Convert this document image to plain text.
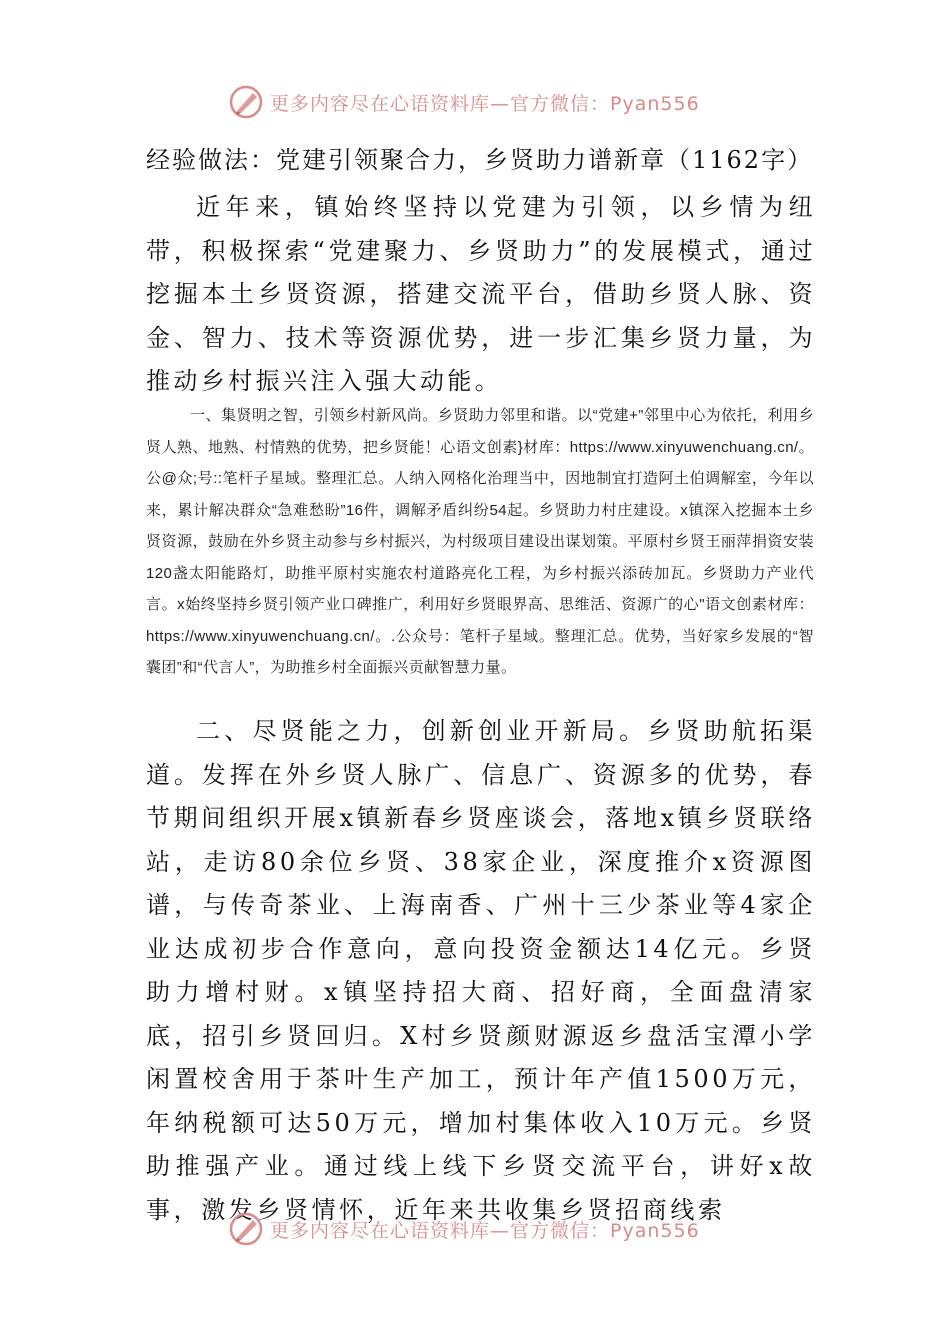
更多内容尽在心语资料库—官方微信：Pyan556
经验做法：党建引领聚合力，乡贤助力谱新章（1162字）

近年来，镇始终坚持以党建为引领，以乡情为纽带，积极探索“党建聚力、乡贤助力”的发展模式，通过挖掘本土乡贤资源，搭建交流平台，借助乡贤人脉、资金、智力、技术等资源优势，进一步汇集乡贤力量，为推动乡村振兴注入强大动能。

一、集贤明之智，引领乡村新风尚。乡贤助力邻里和谐。以“党建+”邻里中心为依托，利用乡贤人熟、地熟、村情熟的优势，把乡贤能！心语文创素}材库：https://www.xinyuwenchuang.cn/。公@众;号::笔杆子星域。整理汇总。人纳入网格化治理当中，因地制宜打造阿土伯调解室，今年以来，累计解决群众“急难愁盼”16件，调解矛盾纠纷54起。乡贤助力村庄建设。x镇深入挖掘本土乡贤资源，鼓励在外乡贤主动参与乡村振兴，为村级项目建设出谋划策。平原村乡贤王丽萍捐资安装120盏太阳能路灯，助推平原村实施农村道路亮化工程，为乡村振兴添砖加瓦。乡贤助力产业代言。x始终坚持乡贤引领产业口碑推广，利用好乡贤眼界高、思维活、资源广的心"语文创素材库：https://www.xinyuwenchuang.cn/。.公众号：笔杆子星域。整理汇总。优势，当好家乡发展的“智囊团”和“代言人”，为助推乡村全面振兴贡献智慧力量。

二、尽贤能之力，创新创业开新局。乡贤助航拓渠道。发挥在外乡贤人脉广、信息广、资源多的优势，春节期间组织开展x镇新春乡贤座谈会，落地x镇乡贤联络站，走访80余位乡贤、38家企业，深度推介x资源图谱，与传奇茶业、上海南香、广州十三少茶业等4家企业达成初步合作意向，意向投资金额达14亿元。乡贤助力增村财。x镇坚持招大商、招好商，全面盘清家底，招引乡贤回归。X村乡贤颜财源返乡盘活宝潭小学闲置校舍用于茶叶生产加工，预计年产值1500万元，年纳税额可达50万元，增加村集体收入10万元。乡贤助推强产业。通过线上线下乡贤交流平台，讲好x故事，激发乡贤情怀，近年来共收集乡贤招商线索

更多内容尽在心语资料库—官方微信：Pyan556
